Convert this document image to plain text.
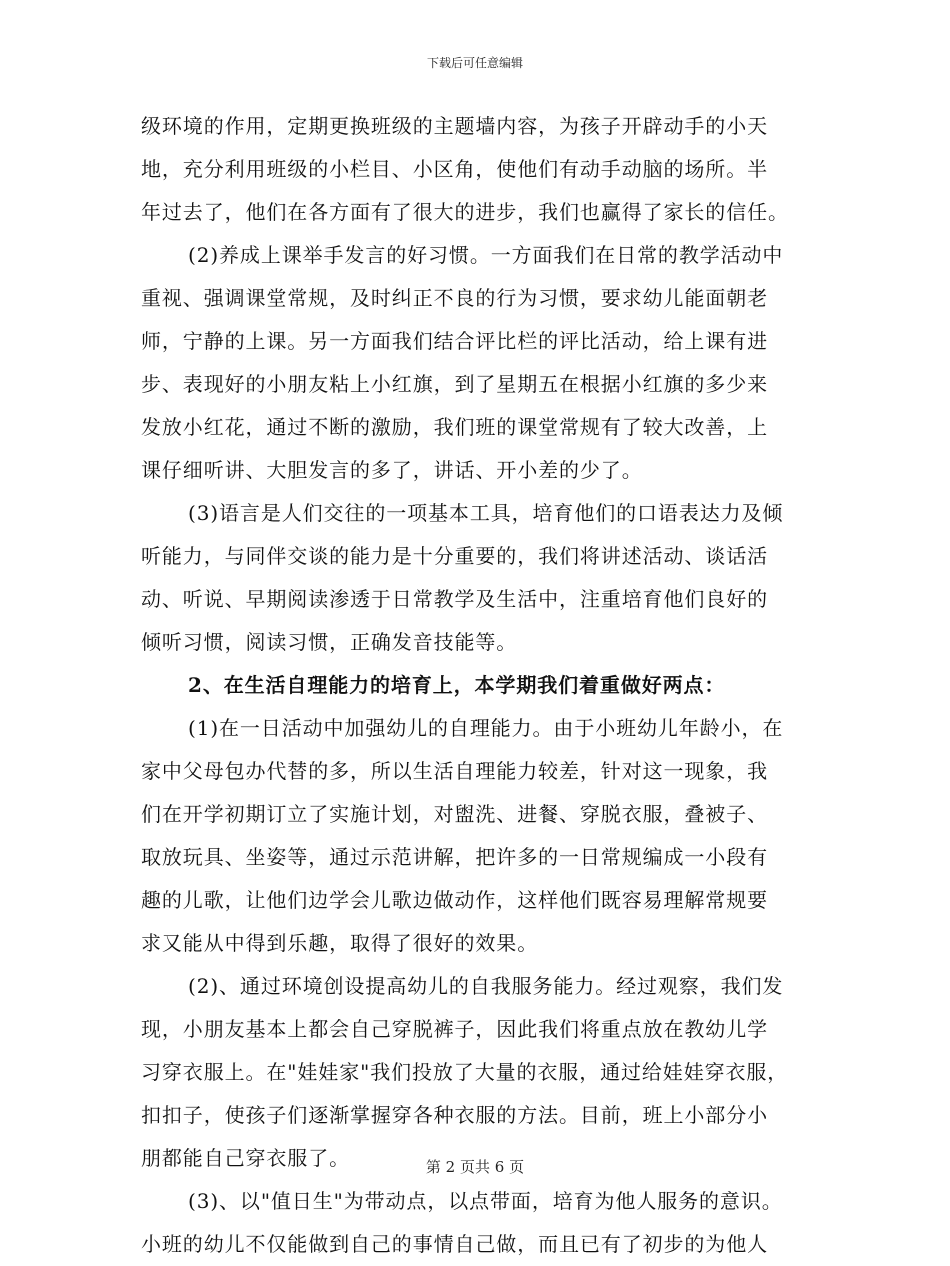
下载后可任意编辑
级环境的作用，定期更换班级的主题墙内容，为孩子开辟动手的小天
地，充分利用班级的小栏目、小区角，使他们有动手动脑的场所。半
年过去了，他们在各方面有了很大的进步，我们也赢得了家长的信任。
(2)养成上课举手发言的好习惯。一方面我们在日常的教学活动中
重视、强调课堂常规，及时纠正不良的行为习惯，要求幼儿能面朝老
师，宁静的上课。另一方面我们结合评比栏的评比活动，给上课有进
步、表现好的小朋友粘上小红旗，到了星期五在根据小红旗的多少来
发放小红花，通过不断的激励，我们班的课堂常规有了较大改善，上
课仔细听讲、大胆发言的多了，讲话、开小差的少了。
(3)语言是人们交往的一项基本工具，培育他们的口语表达力及倾
听能力，与同伴交谈的能力是十分重要的，我们将讲述活动、谈话活
动、听说、早期阅读渗透于日常教学及生活中，注重培育他们良好的
倾听习惯，阅读习惯，正确发音技能等。
2、在生活自理能力的培育上，本学期我们着重做好两点：
(1)在一日活动中加强幼儿的自理能力。由于小班幼儿年龄小，在
家中父母包办代替的多，所以生活自理能力较差，针对这一现象，我
们在开学初期订立了实施计划，对盥洗、进餐、穿脱衣服，叠被子、
取放玩具、坐姿等，通过示范讲解，把许多的一日常规编成一小段有
趣的儿歌，让他们边学会儿歌边做动作，这样他们既容易理解常规要
求又能从中得到乐趣，取得了很好的效果。
(2)、通过环境创设提高幼儿的自我服务能力。经过观察，我们发
现，小朋友基本上都会自己穿脱裤子，因此我们将重点放在教幼儿学
习穿衣服上。在"娃娃家"我们投放了大量的衣服，通过给娃娃穿衣服，
扣扣子，使孩子们逐渐掌握穿各种衣服的方法。目前，班上小部分小
朋都能自己穿衣服了。
(3)、以"值日生"为带动点，以点带面，培育为他人服务的意识。
小班的幼儿不仅能做到自己的事情自己做，而且已有了初步的为他人
第 2 页共 6 页
